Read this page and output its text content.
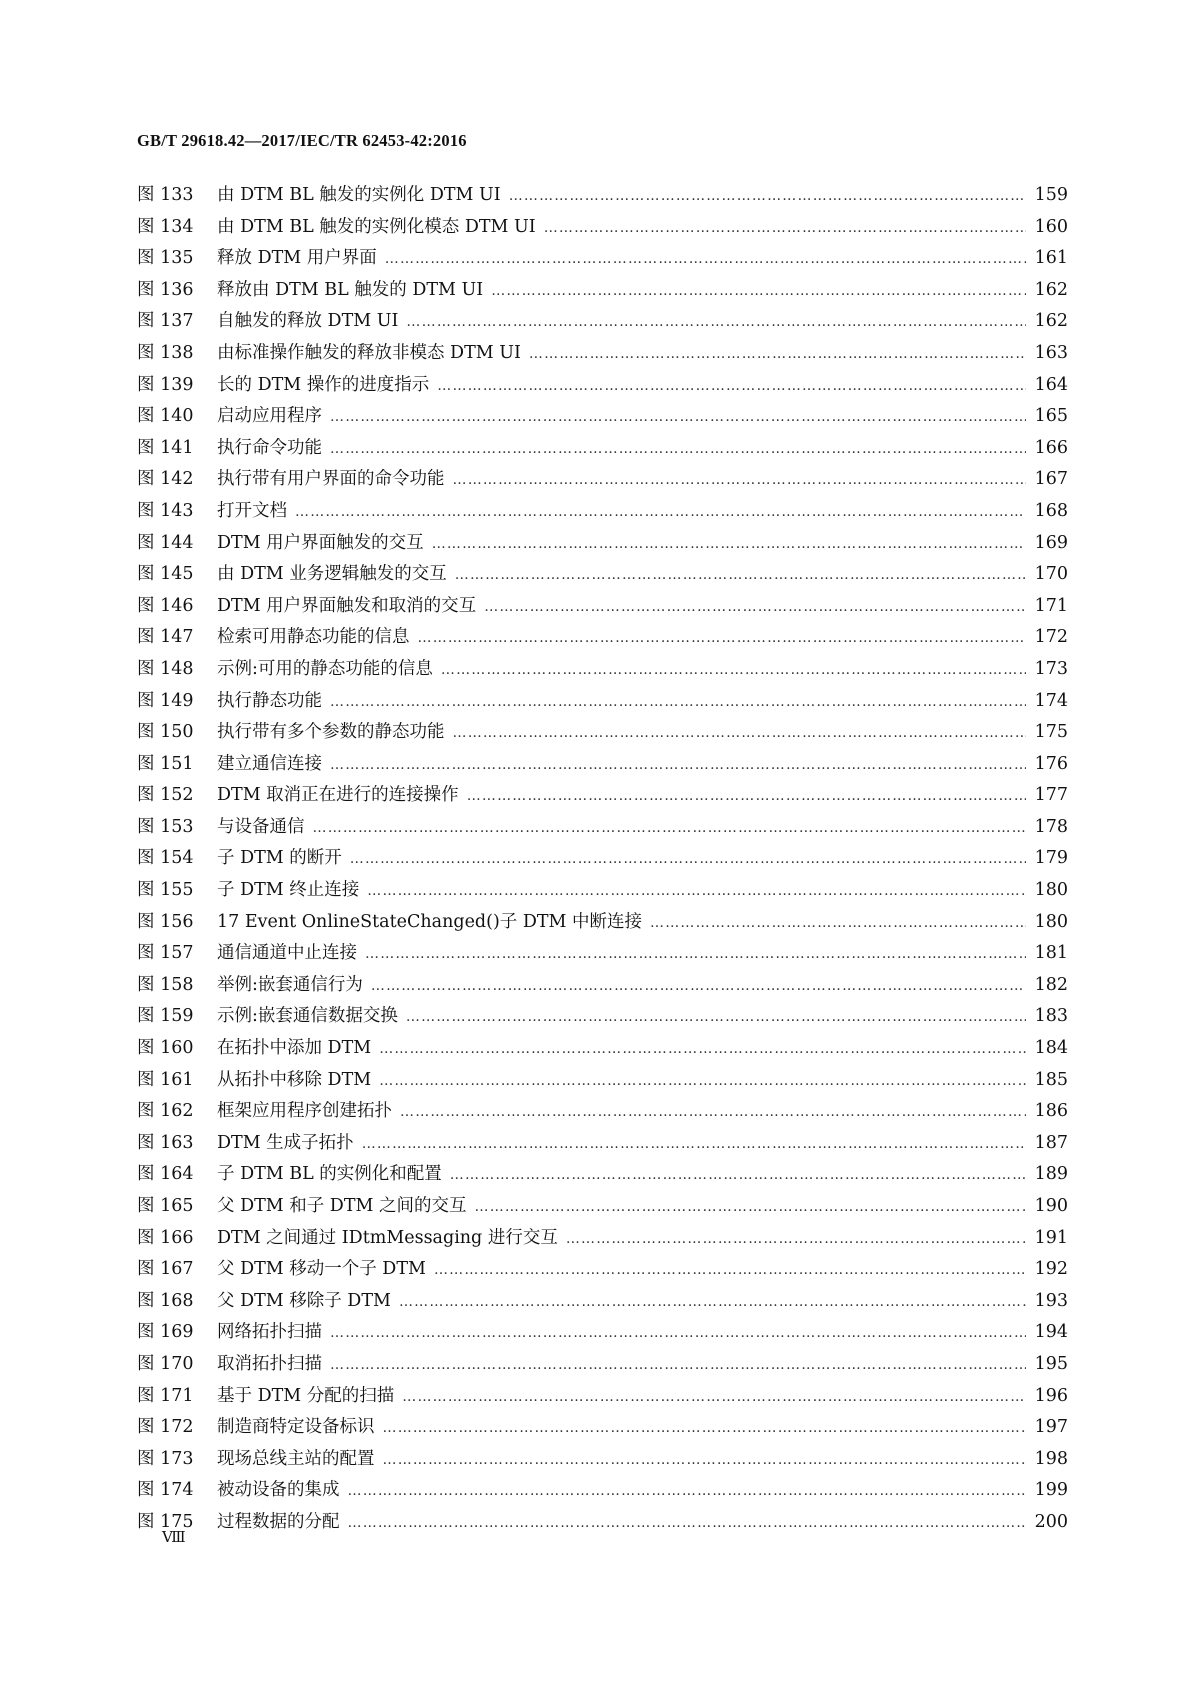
GB/T 29618.42—2017/IEC/TR 62453-42:2016
图 133	由 DTM BL 触发的实例化 DTM UI …………………………………………………………………………………………………………………………………………………………………………………………………………	159
图 134	由 DTM BL 触发的实例化模态 DTM UI …………………………………………………………………………………………………………………………………………………………………………………………………………	160
图 135	释放 DTM 用户界面 …………………………………………………………………………………………………………………………………………………………………………………………………………	161
图 136	释放由 DTM BL 触发的 DTM UI …………………………………………………………………………………………………………………………………………………………………………………………………………	162
图 137	自触发的释放 DTM UI …………………………………………………………………………………………………………………………………………………………………………………………………………	162
图 138	由标准操作触发的释放非模态 DTM UI …………………………………………………………………………………………………………………………………………………………………………………………………………	163
图 139	长的 DTM 操作的进度指示 …………………………………………………………………………………………………………………………………………………………………………………………………………	164
图 140	启动应用程序 …………………………………………………………………………………………………………………………………………………………………………………………………………	165
图 141	执行命令功能 …………………………………………………………………………………………………………………………………………………………………………………………………………	166
图 142	执行带有用户界面的命令功能 …………………………………………………………………………………………………………………………………………………………………………………………………………	167
图 143	打开文档 …………………………………………………………………………………………………………………………………………………………………………………………………………	168
图 144	DTM 用户界面触发的交互 …………………………………………………………………………………………………………………………………………………………………………………………………………	169
图 145	由 DTM 业务逻辑触发的交互 …………………………………………………………………………………………………………………………………………………………………………………………………………	170
图 146	DTM 用户界面触发和取消的交互 …………………………………………………………………………………………………………………………………………………………………………………………………………	171
图 147	检索可用静态功能的信息 …………………………………………………………………………………………………………………………………………………………………………………………………………	172
图 148	示例:可用的静态功能的信息 …………………………………………………………………………………………………………………………………………………………………………………………………………	173
图 149	执行静态功能 …………………………………………………………………………………………………………………………………………………………………………………………………………	174
图 150	执行带有多个参数的静态功能 …………………………………………………………………………………………………………………………………………………………………………………………………………	175
图 151	建立通信连接 …………………………………………………………………………………………………………………………………………………………………………………………………………	176
图 152	DTM 取消正在进行的连接操作 …………………………………………………………………………………………………………………………………………………………………………………………………………	177
图 153	与设备通信 …………………………………………………………………………………………………………………………………………………………………………………………………………	178
图 154	子 DTM 的断开 …………………………………………………………………………………………………………………………………………………………………………………………………………	179
图 155	子 DTM 终止连接 …………………………………………………………………………………………………………………………………………………………………………………………………………	180
图 156	17 Event OnlineStateChanged()子 DTM 中断连接 …………………………………………………………………………………………………………………………………………………………………………………………………………	180
图 157	通信通道中止连接 …………………………………………………………………………………………………………………………………………………………………………………………………………	181
图 158	举例:嵌套通信行为 …………………………………………………………………………………………………………………………………………………………………………………………………………	182
图 159	示例:嵌套通信数据交换 …………………………………………………………………………………………………………………………………………………………………………………………………………	183
图 160	在拓扑中添加 DTM …………………………………………………………………………………………………………………………………………………………………………………………………………	184
图 161	从拓扑中移除 DTM …………………………………………………………………………………………………………………………………………………………………………………………………………	185
图 162	框架应用程序创建拓扑 …………………………………………………………………………………………………………………………………………………………………………………………………………	186
图 163	DTM 生成子拓扑 …………………………………………………………………………………………………………………………………………………………………………………………………………	187
图 164	子 DTM BL 的实例化和配置 …………………………………………………………………………………………………………………………………………………………………………………………………………	189
图 165	父 DTM 和子 DTM 之间的交互 …………………………………………………………………………………………………………………………………………………………………………………………………………	190
图 166	DTM 之间通过 IDtmMessaging 进行交互 …………………………………………………………………………………………………………………………………………………………………………………………………………	191
图 167	父 DTM 移动一个子 DTM …………………………………………………………………………………………………………………………………………………………………………………………………………	192
图 168	父 DTM 移除子 DTM …………………………………………………………………………………………………………………………………………………………………………………………………………	193
图 169	网络拓扑扫描 …………………………………………………………………………………………………………………………………………………………………………………………………………	194
图 170	取消拓扑扫描 …………………………………………………………………………………………………………………………………………………………………………………………………………	195
图 171	基于 DTM 分配的扫描 …………………………………………………………………………………………………………………………………………………………………………………………………………	196
图 172	制造商特定设备标识 …………………………………………………………………………………………………………………………………………………………………………………………………………	197
图 173	现场总线主站的配置 …………………………………………………………………………………………………………………………………………………………………………………………………………	198
图 174	被动设备的集成 …………………………………………………………………………………………………………………………………………………………………………………………………………	199
图 175	过程数据的分配 …………………………………………………………………………………………………………………………………………………………………………………………………………	200
Ⅷ
